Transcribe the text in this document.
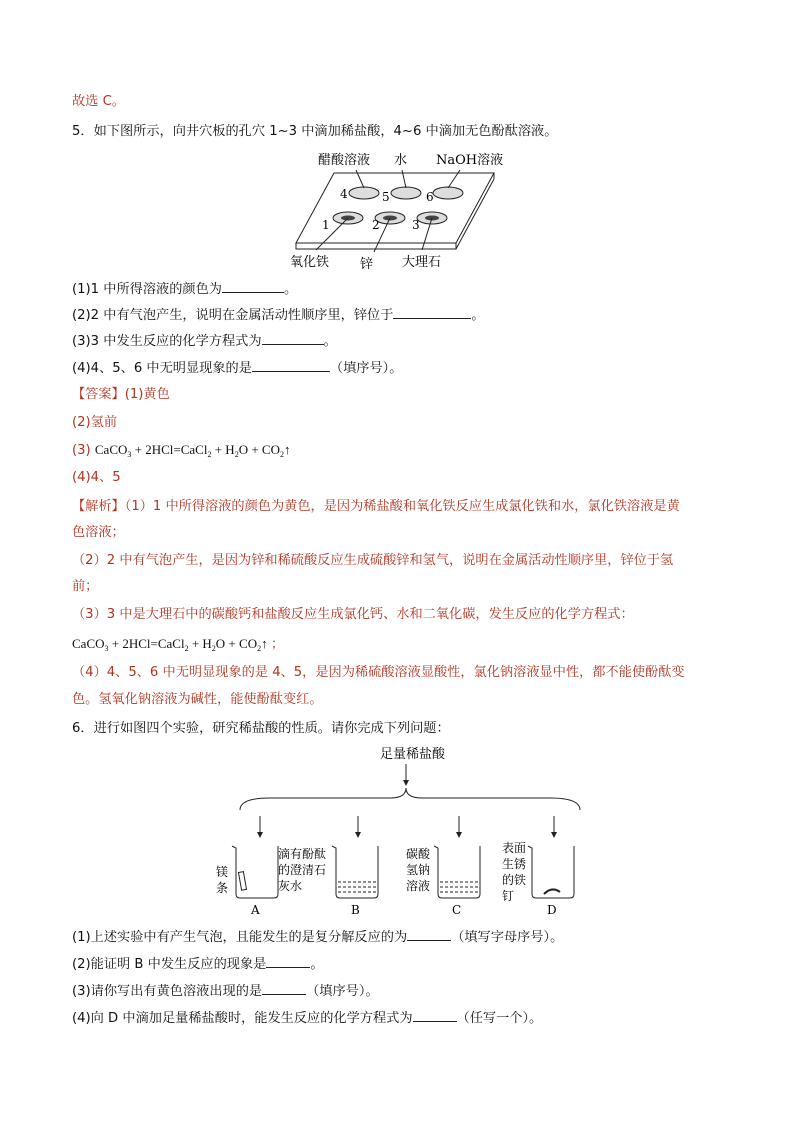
故选 C。
5．如下图所示，向井穴板的孔穴 1~3 中滴加稀盐酸，4~6 中滴加无色酚酞溶液。
醋酸溶液 水 NaOH溶液
4	5	6
1	2	3
氧化铁 锌 大理石
(1)1 中所得溶液的颜色为	。
(2)2 中有气泡产生，说明在金属活动性顺序里，锌位于	。
(3)3 中发生反应的化学方程式为	。
(4)4、5、6 中无明显现象的是	（填序号）。
【答案】(1)黄色
(2)氢前
(3) CaCO$_3$ + 2HCl=CaCl$_2$ + $H_2O$ + $CO_2↑$
(4)4、5
【解析】（1）1 中所得溶液的颜色为黄色，是因为稀盐酸和氧化铁反应生成氯化铁和水，氯化铁溶液是黄
色溶液；
（2）2 中有气泡产生，是因为锌和稀硫酸反应生成硫酸锌和氢气，说明在金属活动性顺序里，锌位于氢
前；
（3）3 中是大理石中的碳酸钙和盐酸反应生成氯化钙、水和二氧化碳，发生反应的化学方程式：
CaCO$_3$ + 2HCl=CaCl$_2$ + $H_2O$ + $CO_2↑$ ；
（4）4、5、6 中无明显现象的是 4、5，是因为稀硫酸溶液显酸性，氯化钠溶液显中性，都不能使酚酞变
色。氢氧化钠溶液为碱性，能使酚酞变红。
6．进行如图四个实验，研究稀盐酸的性质。请你完成下列问题：
足量稀盐酸
镁
条
A
滴有酚酞
的澄清石
灰水
B
碳酸
氢钠
溶液
C
表面
生锈
的铁
钉
D
(1)上述实验中有产生气泡，且能发生的是复分解反应的为	（填写字母序号）。
(2)能证明 B 中发生反应的现象是	。
(3)请你写出有黄色溶液出现的是	（填序号）。
(4)向 D 中滴加足量稀盐酸时，能发生反应的化学方程式为	（任写一个）。
